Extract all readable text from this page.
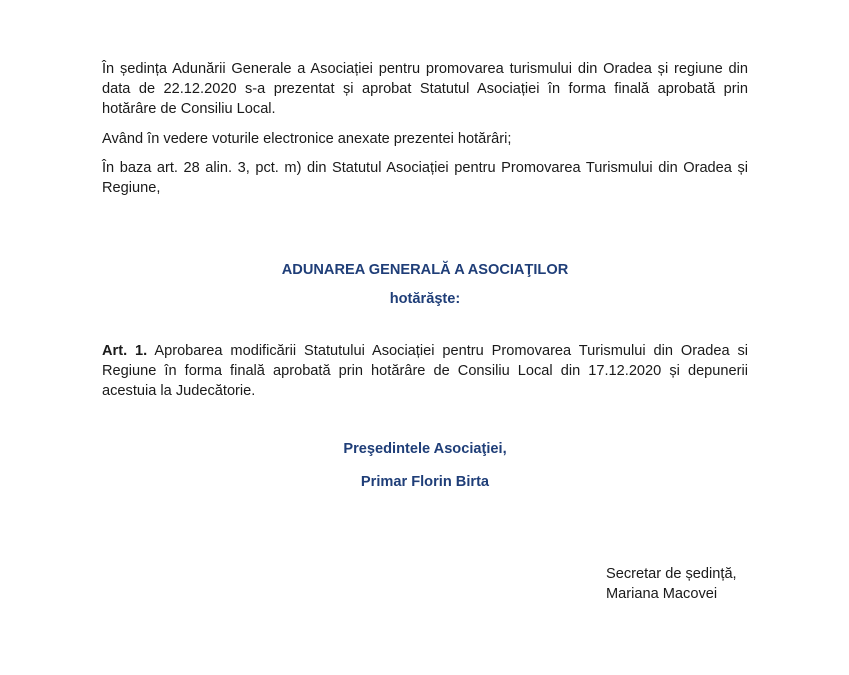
În ședința Adunării Generale a Asociației pentru promovarea turismului din Oradea și regiune din data de 22.12.2020 s-a prezentat și aprobat Statutul Asociației în forma finală aprobată prin hotărâre de Consiliu Local.

Având în vedere voturile electronice anexate prezentei hotărâri;

În baza art. 28 alin. 3, pct. m) din Statutul Asociației pentru Promovarea Turismului din Oradea și Regiune,

ADUNAREA GENERALĂ A ASOCIAŢILOR

hotărăşte:

Art. 1. Aprobarea modificării Statutului Asociației pentru Promovarea Turismului din Oradea si Regiune în forma finală aprobată prin hotărâre de Consiliu Local din 17.12.2020 și depunerii acestuia la Judecătorie.

Preşedintele Asociaţiei,

Primar Florin Birta

Secretar de ședință,

Mariana Macovei
